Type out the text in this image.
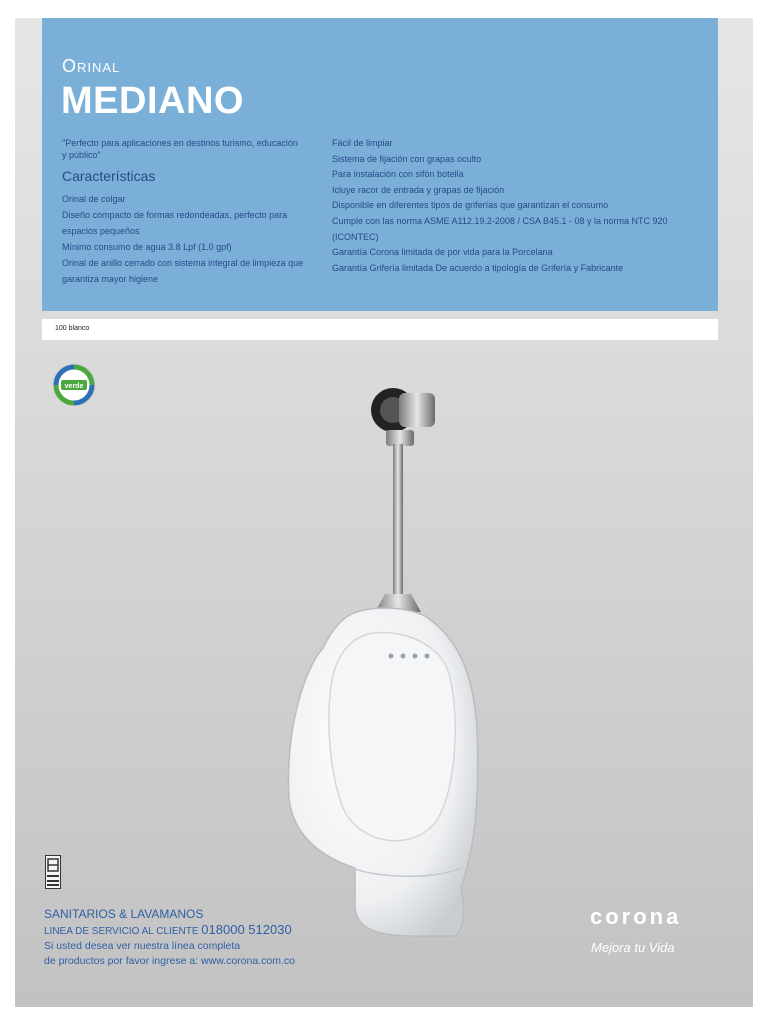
Orinal
MEDIANO
"Perfecto para aplicaciones en destinos turismo, educación y público"
Características
Orinal de colgar
Diseño compacto de formas redondeadas, perfecto para espacios pequeños
Mínimo consumo de agua 3.8 Lpf (1.0 gpf)
Orinal de anillo cerrado con sistema integral de limpieza que garantiza mayor higiene
Fácil de limpiar
Sistema de fijación con grapas oculto
Para instalación con sifón botella
Icluye racor de entrada y grapas de fijación
Disponible en diferentes tipos de griferías que garantizan el consumo
Cumple con las norma ASME A112.19.2-2008 / CSA B45.1 - 08 y la norma NTC 920 (ICONTEC)
Garantía Corona limitada de por vida para la Porcelana
Garantía Grifería limitada De acuerdo a tipología de Grifería y Fabricante
100 blanco
verde
SANITARIOS & LAVAMANOS
LINEA DE SERVICIO AL CLIENTE 018000 512030
Si usted desea ver nuestra línea completa
de productos por favor ingrese a: www.corona.com.co
corona
Mejora tu Vida
